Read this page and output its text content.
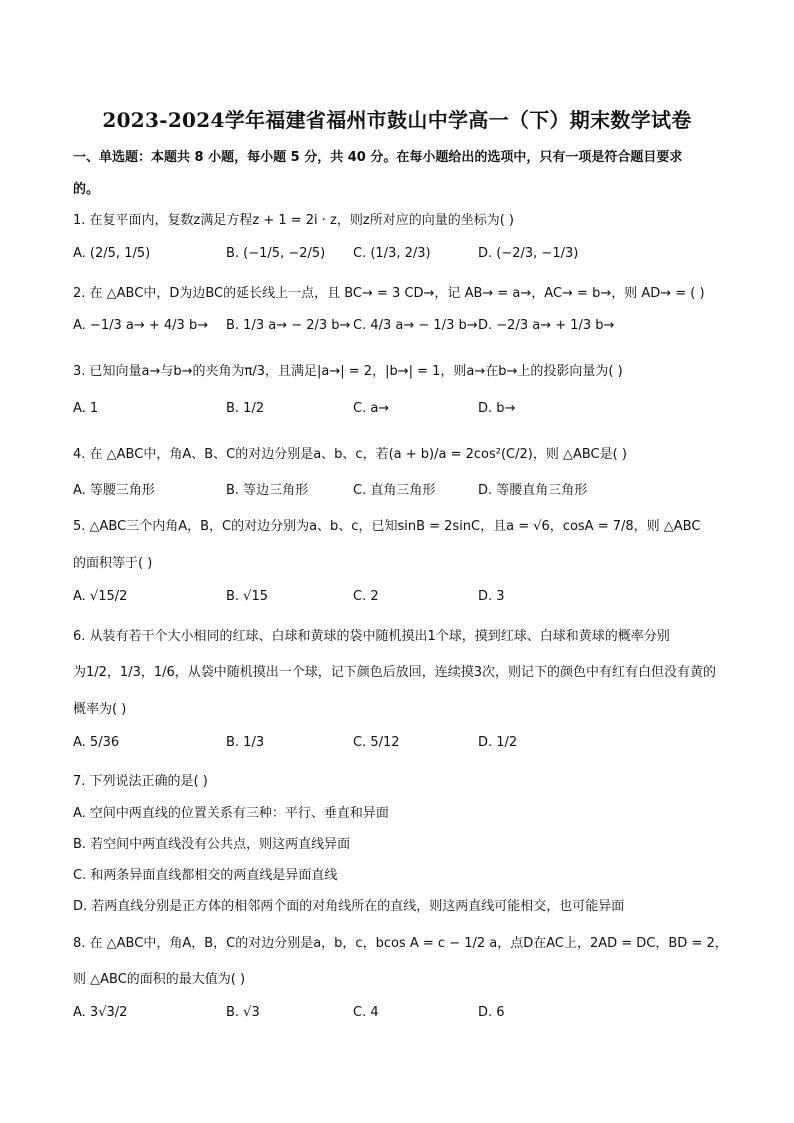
2023-2024学年福建省福州市鼓山中学高一（下）期末数学试卷
一、单选题：本题共 8 小题，每小题 5 分，共 40 分。在每小题给出的选项中，只有一项是符合题目要求
的。
1. 在复平面内，复数z满足方程z + 1 = 2i · z，则z所对应的向量的坐标为( )
A. (2/5, 1/5)	B. (−1/5, −2/5) C. (1/3, 2/3)	D. (−2/3, −1/3)
2. 在 △ABC中，D为边BC的延长线上一点，且 BC→ = 3 CD→，记 AB→ = a→，AC→ = b→，则 AD→ = ( )
A. −1/3 a→ + 4/3 b→ B. 1/3 a→ − 2/3 b→ C. 4/3 a→ − 1/3 b→ D. −2/3 a→ + 1/3 b→
3. 已知向量a→与b→的夹角为π/3，且满足|a→| = 2，|b→| = 1，则a→在b→上的投影向量为( )
A. 1	B. 1/2	C. a→	D. b→
4. 在 △ABC中，角A、B、C的对边分别是a、b、c，若(a + b)/a = 2cos²(C/2)，则 △ABC是( )
A. 等腰三角形	B. 等边三角形	C. 直角三角形	D. 等腰直角三角形
5. △ABC三个内角A，B，C的对边分别为a、b、c，已知sinB = 2sinC，且a = √6，cosA = 7/8，则 △ABC
的面积等于( )
A. √15/2	B. √15	C. 2	D. 3
6. 从装有若干个大小相同的红球、白球和黄球的袋中随机摸出1个球，摸到红球、白球和黄球的概率分别
为1/2，1/3，1/6，从袋中随机摸出一个球，记下颜色后放回，连续摸3次，则记下的颜色中有红有白但没有黄的
概率为( )
A. 5/36	B. 1/3	C. 5/12	D. 1/2
7. 下列说法正确的是( )
A. 空间中两直线的位置关系有三种：平行、垂直和异面
B. 若空间中两直线没有公共点，则这两直线异面
C. 和两条异面直线都相交的两直线是异面直线
D. 若两直线分别是正方体的相邻两个面的对角线所在的直线，则这两直线可能相交，也可能异面
8. 在 △ABC中，角A，B，C的对边分别是a，b，c，bcos A = c − 1/2 a，点D在AC上，2AD = DC，BD = 2，
则 △ABC的面积的最大值为( )
A. 3√3/2	B. √3	C. 4	D. 6
